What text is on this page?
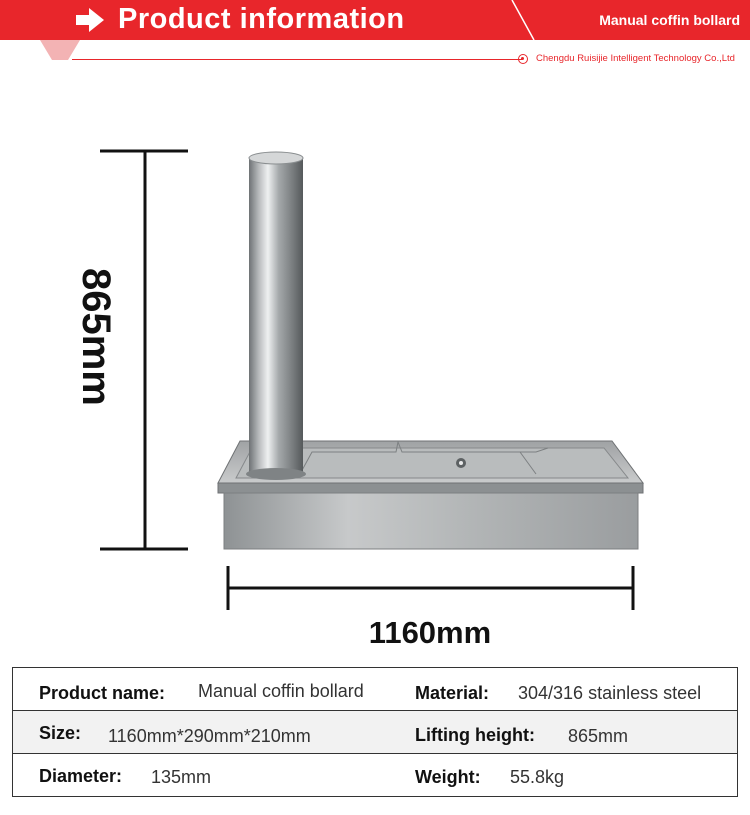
Product information	Manual coffin bollard
Chengdu Ruisijie Intelligent Technology Co.,Ltd
865mm
1160mm
Product name: Manual coffin bollard	Material: 304/316 stainless steel
Size: 1160mm*290mm*210mm	Lifting height: 865mm
Diameter: 135mm	Weight: 55.8kg
